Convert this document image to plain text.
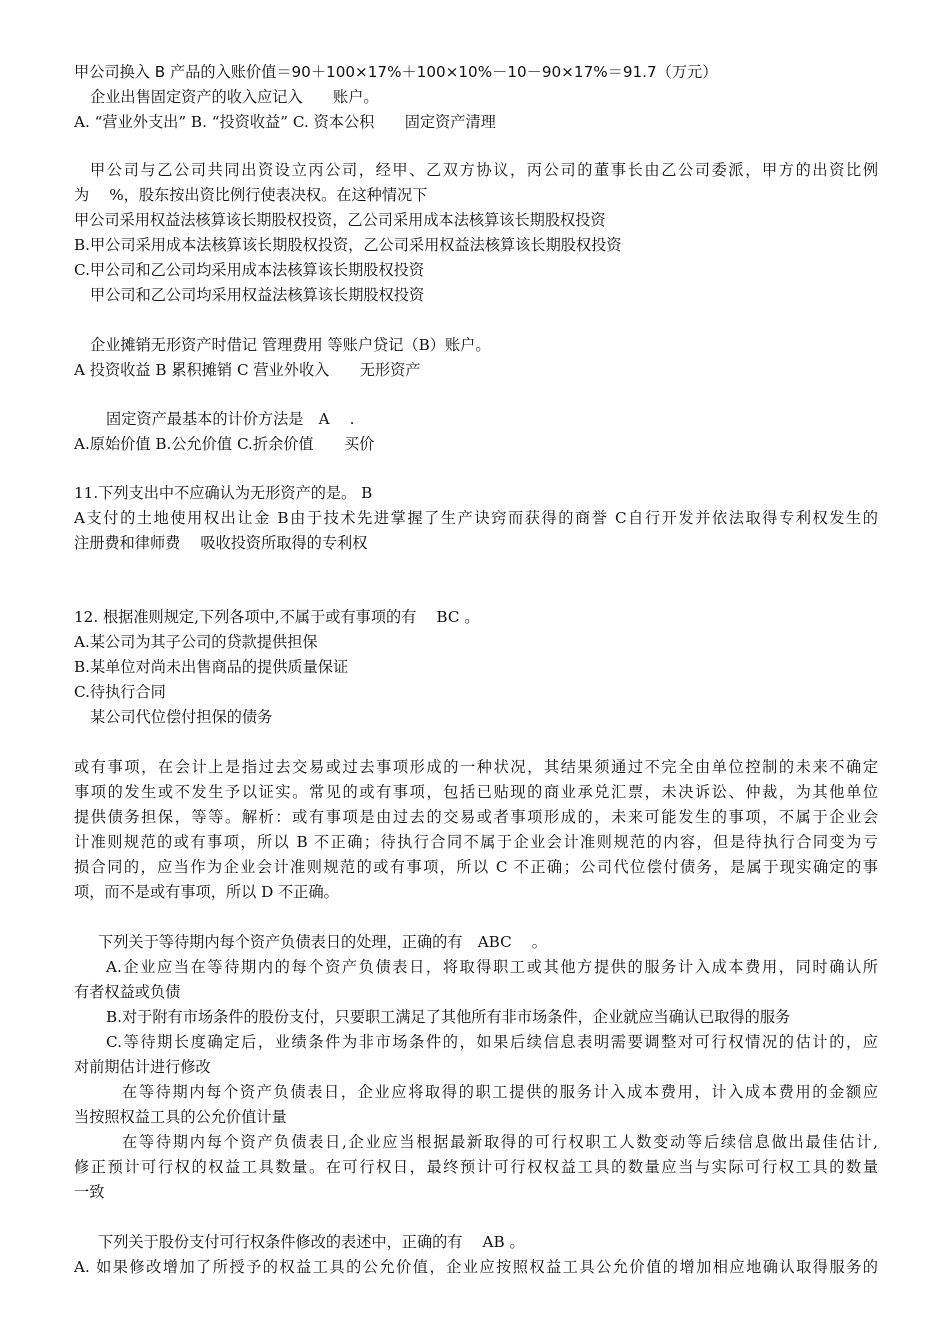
甲公司换入 B 产品的入账价值＝90＋100×17%＋100×10%－10－90×17%＝91.7（万元）
企业出售固定资产的收入应记入　　账户。
A. “营业外支出” B. “投资收益” C. 资本公积　　固定资产清理
甲公司与乙公司共同出资设立丙公司，经甲、乙双方协议，丙公司的董事长由乙公司委派，甲方的出资比例
为　 %，股东按出资比例行使表决权。在这种情况下
甲公司采用权益法核算该长期股权投资，乙公司采用成本法核算该长期股权投资
B.甲公司采用成本法核算该长期股权投资，乙公司采用权益法核算该长期股权投资
C.甲公司和乙公司均采用成本法核算该长期股权投资
甲公司和乙公司均采用权益法核算该长期股权投资
企业摊销无形资产时借记 管理费用 等账户贷记（B）账户。
A 投资收益 B 累积摊销 C 营业外收入　　无形资产
固定资产最基本的计价方法是　A　 .
A.原始价值 B.公允价值 C.折余价值　　买价
11.下列支出中不应确认为无形资产的是。 B
A支付的土地使用权出让金 B由于技术先进掌握了生产诀窍而获得的商誉 C自行开发并依法取得专利权发生的
注册费和律师费　 吸收投资所取得的专利权
12. 根据准则规定,下列各项中,不属于或有事项的有　 BC 。
A.某公司为其子公司的贷款提供担保
B.某单位对尚未出售商品的提供质量保证
C.待执行合同
某公司代位偿付担保的债务
或有事项，在会计上是指过去交易或过去事项形成的一种状况，其结果须通过不完全由单位控制的未来不确定
事项的发生或不发生予以证实。常见的或有事项，包括已贴现的商业承兑汇票，未决诉讼、仲裁，为其他单位
提供债务担保，等等。解析：或有事项是由过去的交易或者事项形成的，未来可能发生的事项，不属于企业会
计准则规范的或有事项，所以 B 不正确；待执行合同不属于企业会计准则规范的内容，但是待执行合同变为亏
损合同的，应当作为企业会计准则规范的或有事项，所以 C 不正确；公司代位偿付债务，是属于现实确定的事
项，而不是或有事项，所以 D 不正确。
下列关于等待期内每个资产负债表日的处理，正确的有　ABC　 。
A.企业应当在等待期内的每个资产负债表日，将取得职工或其他方提供的服务计入成本费用，同时确认所
有者权益或负债
B.对于附有市场条件的股份支付，只要职工满足了其他所有非市场条件，企业就应当确认已取得的服务
C.等待期长度确定后，业绩条件为非市场条件的，如果后续信息表明需要调整对可行权情况的估计的，应
对前期估计进行修改
在等待期内每个资产负债表日，企业应将取得的职工提供的服务计入成本费用，计入成本费用的金额应
当按照权益工具的公允价值计量
在等待期内每个资产负债表日,企业应当根据最新取得的可行权职工人数变动等后续信息做出最佳估计,
修正预计可行权的权益工具数量。在可行权日，最终预计可行权权益工具的数量应当与实际可行权工具的数量
一致
下列关于股份支付可行权条件修改的表述中，正确的有　 AB 。
A. 如果修改增加了所授予的权益工具的公允价值，企业应按照权益工具公允价值的增加相应地确认取得服务的
